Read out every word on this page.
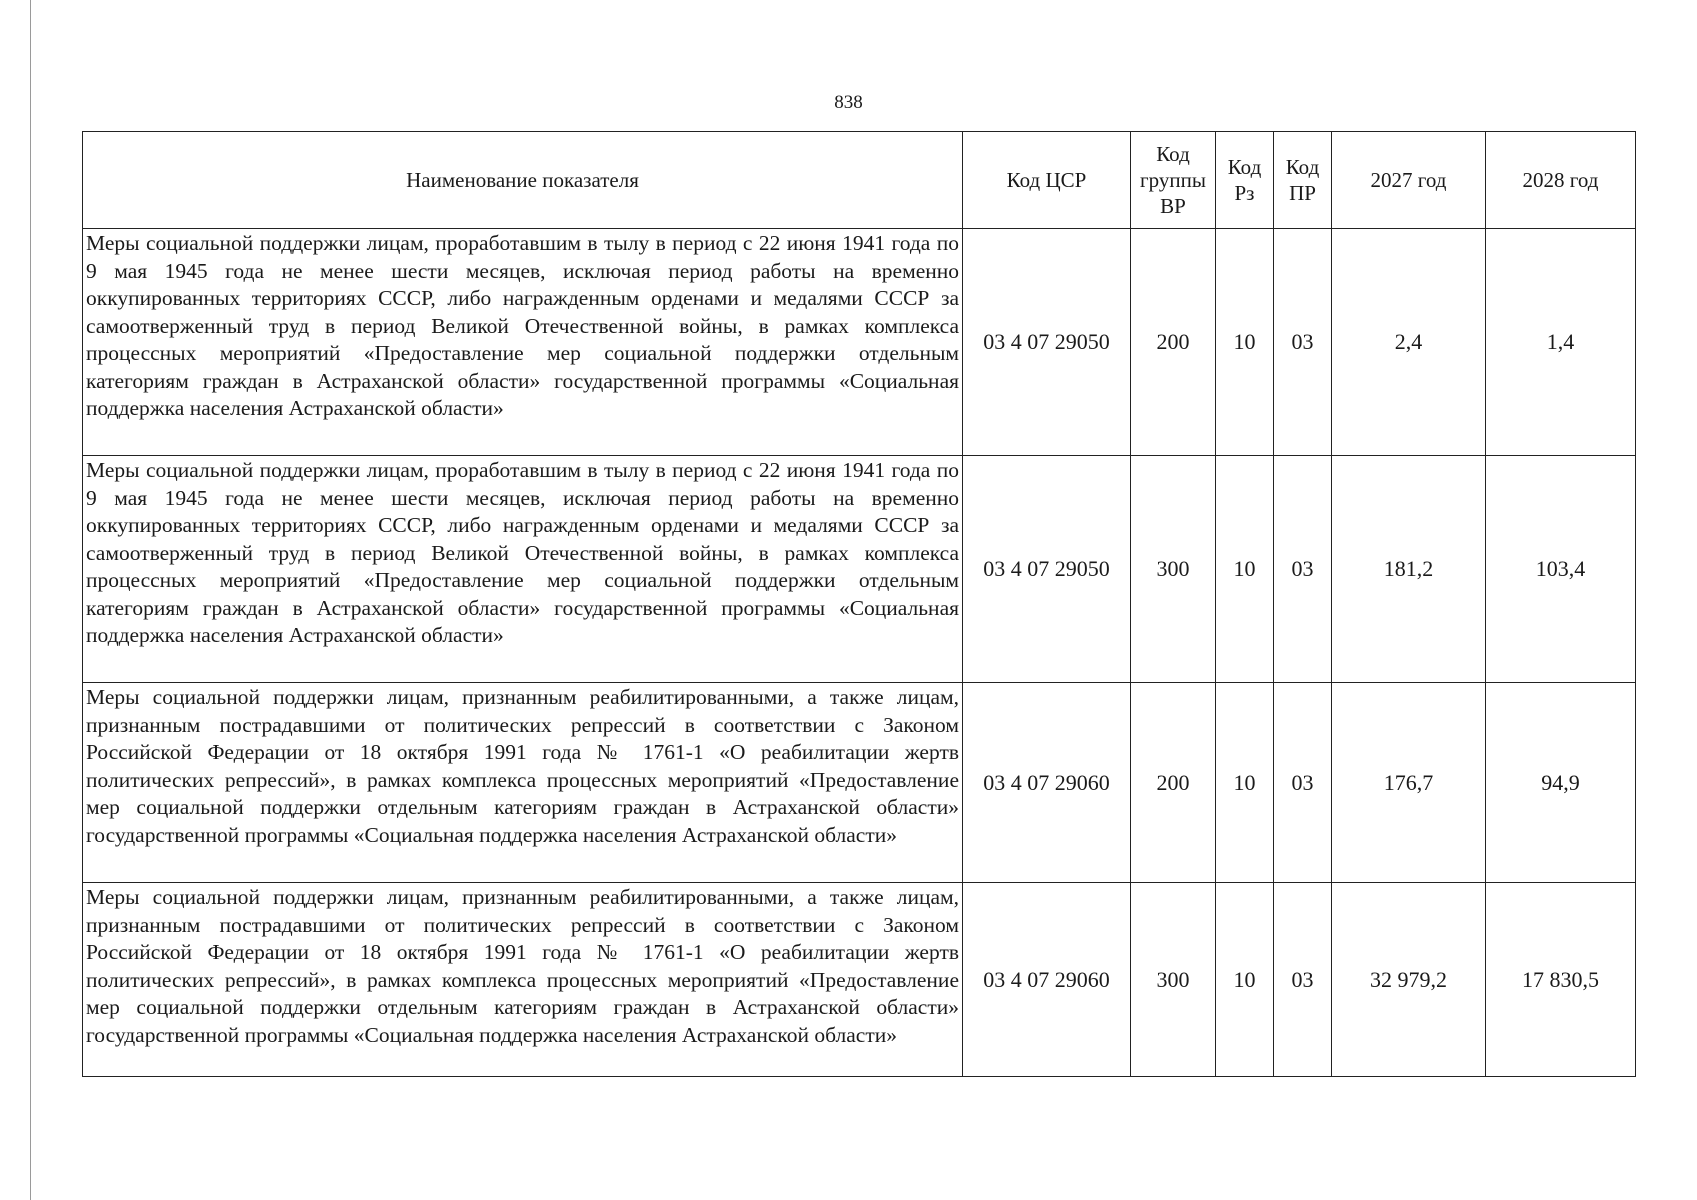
838
Наименование показателя	Код ЦСР	Код группы ВР	Код Рз	Код ПР	2027 год	2028 год
Меры социальной поддержки лицам, проработавшим в тылу в период с 22 июня 1941 года по 9 мая 1945 года не менее шести месяцев, исключая период работы на временно оккупированных территориях СССР, либо награжденным орденами и медалями СССР за самоотверженный труд в период Великой Отечественной войны, в рамках комплекса процессных мероприятий «Предоставление мер социальной поддержки отдельным категориям граждан в Астраханской области» государственной программы «Социальная поддержка населения Астраханской области»	03 4 07 29050	200	10	03	2,4	1,4
Меры социальной поддержки лицам, проработавшим в тылу в период с 22 июня 1941 года по 9 мая 1945 года не менее шести месяцев, исключая период работы на временно оккупированных территориях СССР, либо награжденным орденами и медалями СССР за самоотверженный труд в период Великой Отечественной войны, в рамках комплекса процессных мероприятий «Предоставление мер социальной поддержки отдельным категориям граждан в Астраханской области» государственной программы «Социальная поддержка населения Астраханской области»	03 4 07 29050	300	10	03	181,2	103,4
Меры социальной поддержки лицам, признанным реабилитированными, а также лицам, признанным пострадавшими от политических репрессий в соответствии с Законом Российской Федерации от 18 октября 1991 года № 1761-1 «О реабилитации жертв политических репрессий», в рамках комплекса процессных мероприятий «Предоставление мер социальной поддержки отдельным категориям граждан в Астраханской области» государственной программы «Социальная поддержка населения Астраханской области»	03 4 07 29060	200	10	03	176,7	94,9
Меры социальной поддержки лицам, признанным реабилитированными, а также лицам, признанным пострадавшими от политических репрессий в соответствии с Законом Российской Федерации от 18 октября 1991 года № 1761-1 «О реабилитации жертв политических репрессий», в рамках комплекса процессных мероприятий «Предоставление мер социальной поддержки отдельным категориям граждан в Астраханской области» государственной программы «Социальная поддержка населения Астраханской области»	03 4 07 29060	300	10	03	32 979,2	17 830,5
